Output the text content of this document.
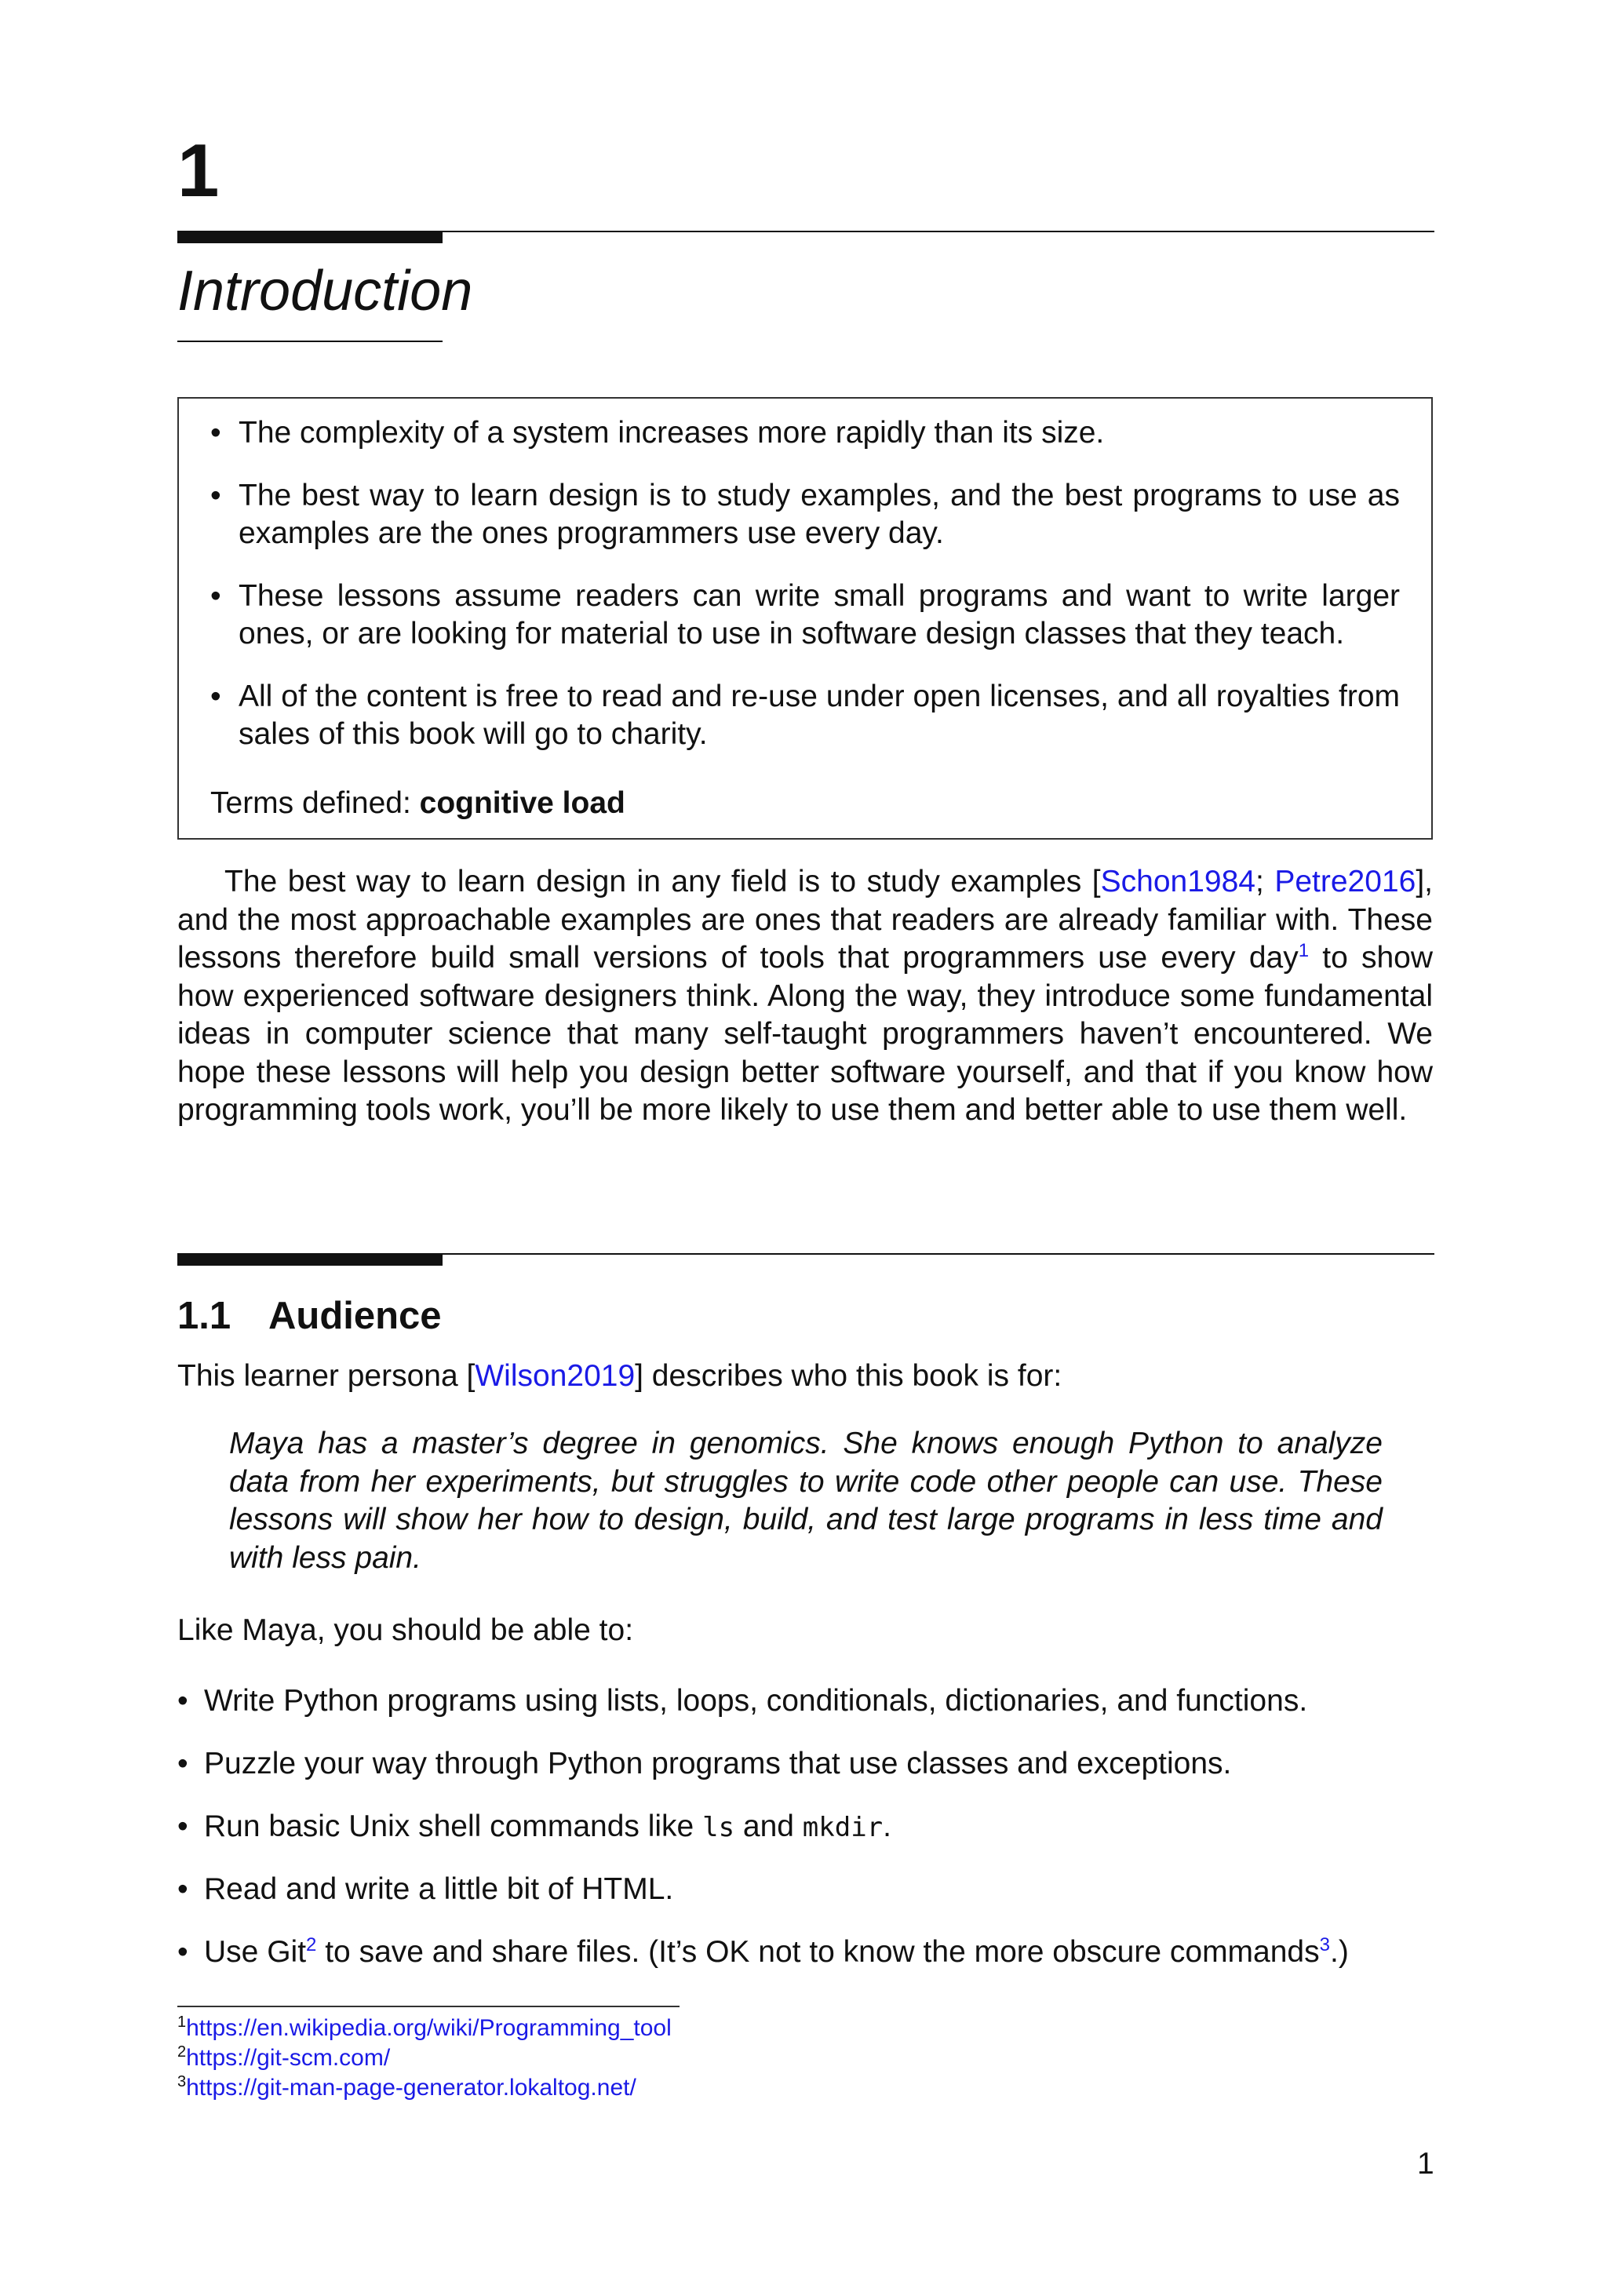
1
Introduction
• The complexity of a system increases more rapidly than its size.
• The best way to learn design is to study examples, and the best programs to use as examples are the ones programmers use every day.
• These lessons assume readers can write small programs and want to write larger ones, or are looking for material to use in software design classes that they teach.
• All of the content is free to read and re-use under open licenses, and all royalties from sales of this book will go to charity.
Terms defined: cognitive load
The best way to learn design in any field is to study examples [Schon1984; Petre2016], and the most approachable examples are ones that readers are already familiar with. These lessons therefore build small versions of tools that programmers use every day$^1$ to show how experienced software designers think. Along the way, they introduce some fundamental ideas in computer science that many self-taught programmers haven’t encountered. We hope these lessons will help you design better software yourself, and that if you know how programming tools work, you’ll be more likely to use them and better able to use them well.
1.1 Audience
This learner persona [Wilson2019] describes who this book is for:
Maya has a master’s degree in genomics. She knows enough Python to analyze data from her experiments, but struggles to write code other people can use. These lessons will show her how to design, build, and test large programs in less time and with less pain.
Like Maya, you should be able to:
• Write Python programs using lists, loops, conditionals, dictionaries, and functions.
• Puzzle your way through Python programs that use classes and exceptions.
• Run basic Unix shell commands like ls and mkdir.
• Read and write a little bit of HTML.
• Use Git$^2$ to save and share files. (It’s OK not to know the more obscure commands$^3$.)
$^1$https://en.wikipedia.org/wiki/Programming_tool
$^2$https://git-scm.com/
$^3$https://git-man-page-generator.lokaltog.net/
1
